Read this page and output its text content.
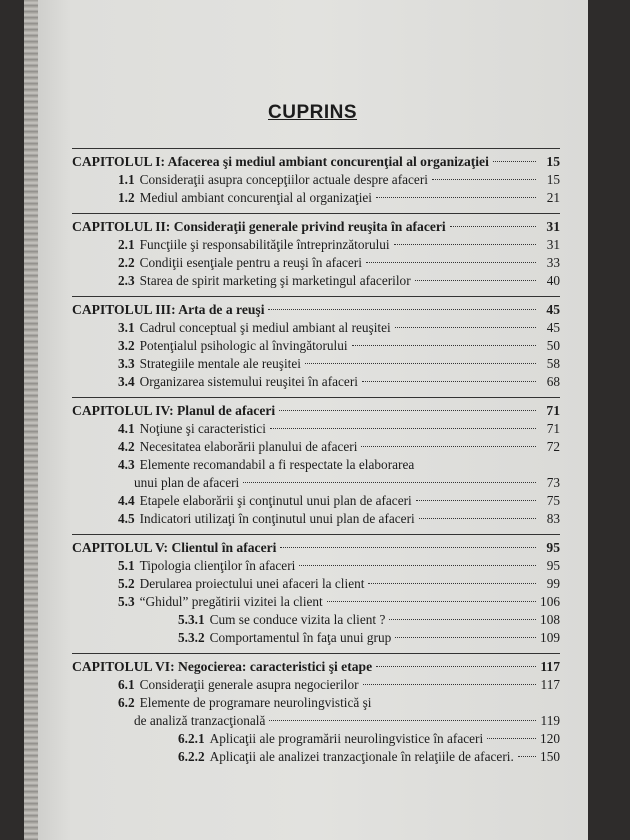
CUPRINS
CAPITOLUL I: Afacerea şi mediul ambiant concurenţial al organizaţiei	15
1.1 Consideraţii asupra concepţiilor actuale despre afaceri	15
1.2 Mediul ambiant concurenţial al organizaţiei	21
CAPITOLUL II: Consideraţii generale privind reuşita în afaceri	31
2.1 Funcţiile şi responsabilităţile întreprinzătorului	31
2.2 Condiţii esenţiale pentru a reuşi în afaceri	33
2.3 Starea de spirit marketing şi marketingul afacerilor	40
CAPITOLUL III: Arta de a reuşi	45
3.1 Cadrul conceptual şi mediul ambiant al reuşitei	45
3.2 Potenţialul psihologic al învingătorului	50
3.3 Strategiile mentale ale reuşitei	58
3.4 Organizarea sistemului reuşitei în afaceri	68
CAPITOLUL IV: Planul de afaceri	71
4.1 Noţiune şi caracteristici	71
4.2 Necesitatea elaborării planului de afaceri	72
4.3 Elemente recomandabil a fi respectate la elaborarea
unui plan de afaceri	73
4.4 Etapele elaborării şi conţinutul unui plan de afaceri	75
4.5 Indicatori utilizaţi în conţinutul unui plan de afaceri	83
CAPITOLUL V: Clientul în afaceri	95
5.1 Tipologia clienţilor în afaceri	95
5.2 Derularea proiectului unei afaceri la client	99
5.3 “Ghidul” pregătirii vizitei la client	106
5.3.1 Cum se conduce vizita la client ?	108
5.3.2 Comportamentul în faţa unui grup	109
CAPITOLUL VI: Negocierea: caracteristici şi etape	117
6.1 Consideraţii generale asupra negocierilor	117
6.2 Elemente de programare neurolingvistică şi
de analiză tranzacţională	119
6.2.1 Aplicaţii ale programării neurolingvistice în afaceri	120
6.2.2 Aplicaţii ale analizei tranzacţionale în relaţiile de afaceri. 150
